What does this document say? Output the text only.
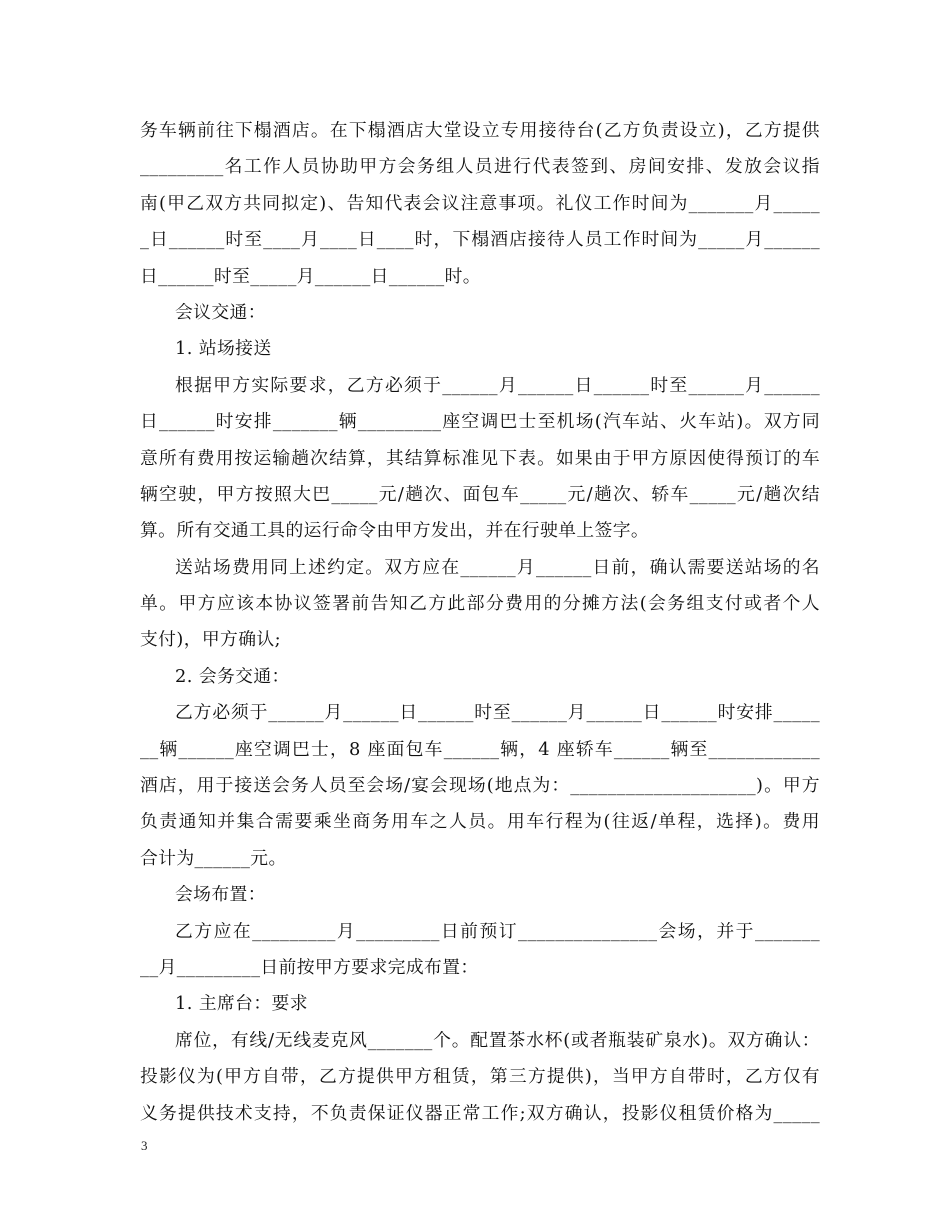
务车辆前往下榻酒店。在下榻酒店大堂设立专用接待台(乙方负责设立)，乙方提供
_________名工作人员协助甲方会务组人员进行代表签到、房间安排、发放会议指
南(甲乙双方共同拟定)、告知代表会议注意事项。礼仪工作时间为_______月_____
_日______时至____月____日____时，下榻酒店接待人员工作时间为_____月______
日______时至_____月______日______时。
会议交通：
1. 站场接送
根据甲方实际要求，乙方必须于______月______日______时至______月______
日______时安排_______辆_________座空调巴士至机场(汽车站、火车站)。双方同
意所有费用按运输趟次结算，其结算标准见下表。如果由于甲方原因使得预订的车
辆空驶，甲方按照大巴_____元/趟次、面包车_____元/趟次、轿车_____元/趟次结
算。所有交通工具的运行命令由甲方发出，并在行驶单上签字。
送站场费用同上述约定。双方应在______月______日前，确认需要送站场的名
单。甲方应该本协议签署前告知乙方此部分费用的分摊方法(会务组支付或者个人
支付)，甲方确认;
2. 会务交通：
乙方必须于______月______日______时至______月______日______时安排_____
__辆______座空调巴士，8 座面包车______辆，4 座轿车______辆至____________
酒店，用于接送会务人员至会场/宴会现场(地点为：____________________)。甲方
负责通知并集合需要乘坐商务用车之人员。用车行程为(往返/单程，选择)。费用
合计为______元。
会场布置：
乙方应在_________月_________日前预订_______________会场，并于_______
__月_________日前按甲方要求完成布置：
1. 主席台：要求
席位，有线/无线麦克风_______个。配置茶水杯(或者瓶装矿泉水)。双方确认：
投影仪为(甲方自带，乙方提供甲方租赁，第三方提供)，当甲方自带时，乙方仅有
义务提供技术支持，不负责保证仪器正常工作;双方确认，投影仪租赁价格为_____
3
